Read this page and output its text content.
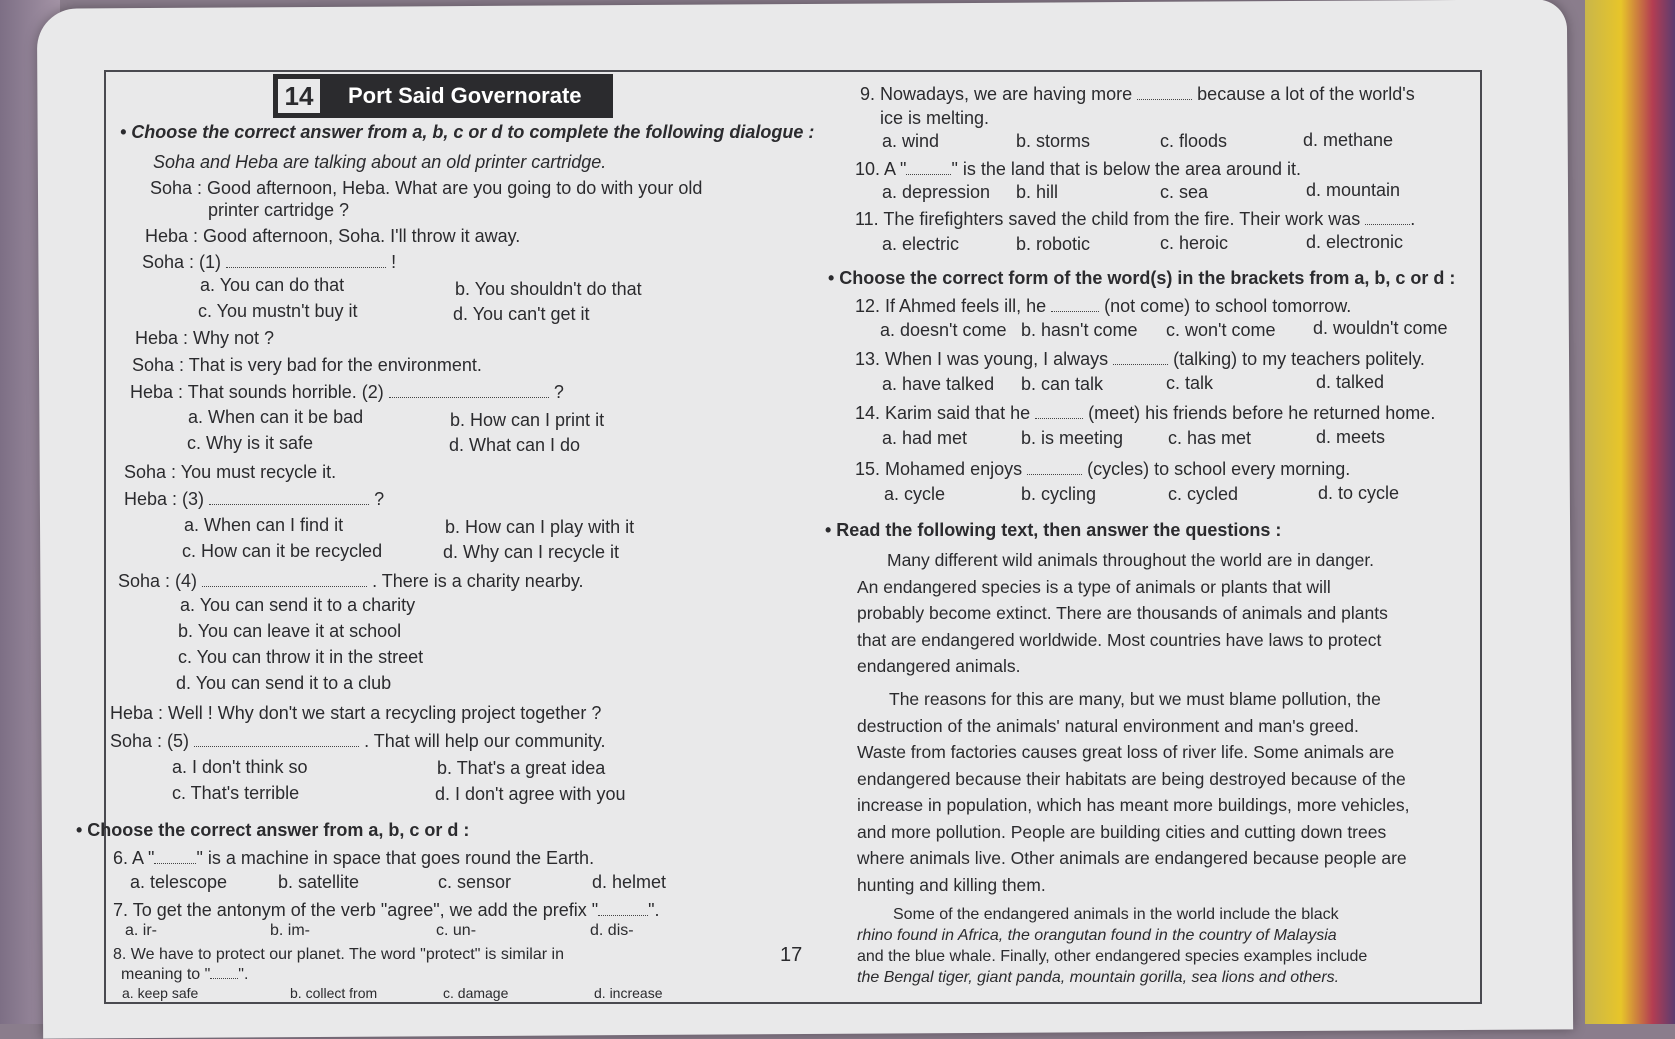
14 Port Said Governorate
• Choose the correct answer from a, b, c or d to complete the following dialogue :
Soha and Heba are talking about an old printer cartridge.
Soha : Good afternoon, Heba. What are you going to do with your old
printer cartridge ?
Heba : Good afternoon, Soha. I'll throw it away.
Soha : (1)	!
a. You can do that	b. You shouldn't do that
c. You mustn't buy it	d. You can't get it
Heba : Why not ?
Soha : That is very bad for the environment.
Heba : That sounds horrible. (2)	?
a. When can it be bad	b. How can I print it
c. Why is it safe	d. What can I do
Soha : You must recycle it.
Heba : (3)	?
a. When can I find it	b. How can I play with it
c. How can it be recycled	d. Why can I recycle it
Soha : (4)	. There is a charity nearby.
a. You can send it to a charity
b. You can leave it at school
c. You can throw it in the street
d. You can send it to a club
Heba : Well ! Why don't we start a recycling project together ?
Soha : (5)	. That will help our community.
a. I don't think so	b. That's a great idea
c. That's terrible	d. I don't agree with you
• Choose the correct answer from a, b, c or d :
6. A " " is a machine in space that goes round the Earth.
a. telescope	b. satellite	c. sensor	d. helmet
7. To get the antonym of the verb "agree", we add the prefix "	".
a. ir-	b. im-	c. un-	d. dis-
8. We have to protect our planet. The word "protect" is similar in
meaning to " ".
a. keep safe	b. collect from	c. damage	d. increase
17
9. Nowadays, we are having more	because a lot of the world's
ice is melting.
a. wind	b. storms	c. floods	d. methane
10. A "	" is the land that is below the area around it.
a. depression b. hill	c. sea	d. mountain
11. The firefighters saved the child from the fire. Their work was	.
a. electric	b. robotic	c. heroic	d. electronic
• Choose the correct form of the word(s) in the brackets from a, b, c or d :
12. If Ahmed feels ill, he	(not come) to school tomorrow.
a. doesn't come b. hasn't come c. won't come d. wouldn't come
13. When I was young, I always	(talking) to my teachers politely.
a. have talked b. can talk	c. talk	d. talked
14. Karim said that he	(meet) his friends before he returned home.
a. had met	b. is meeting c. has met	d. meets
15. Mohamed enjoys	(cycles) to school every morning.
a. cycle	b. cycling	c. cycled	d. to cycle
• Read the following text, then answer the questions :
Many different wild animals throughout the world are in danger.
An endangered species is a type of animals or plants that will
probably become extinct. There are thousands of animals and plants
that are endangered worldwide. Most countries have laws to protect
endangered animals.
The reasons for this are many, but we must blame pollution, the
destruction of the animals' natural environment and man's greed.
Waste from factories causes great loss of river life. Some animals are
endangered because their habitats are being destroyed because of the
increase in population, which has meant more buildings, more vehicles,
and more pollution. People are building cities and cutting down trees
where animals live. Other animals are endangered because people are
hunting and killing them.
Some of the endangered animals in the world include the black
rhino found in Africa, the orangutan found in the country of Malaysia
and the blue whale. Finally, other endangered species examples include
the Bengal tiger, giant panda, mountain gorilla, sea lions and others.
